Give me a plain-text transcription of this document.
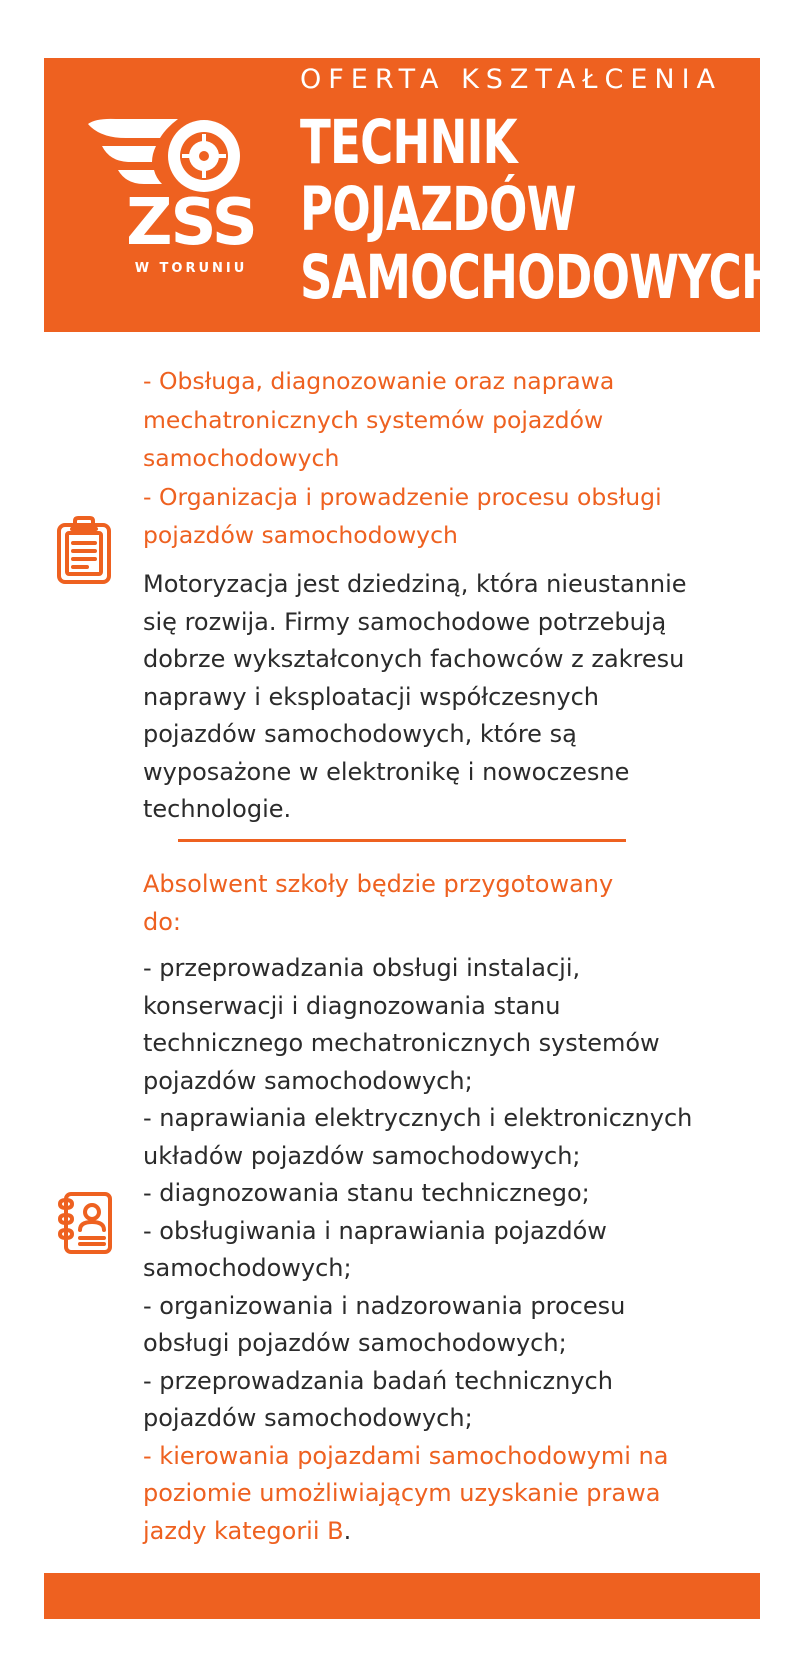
ZSS
W TORUNIU
OFERTA KSZTAŁCENIA
TECHNIK
POJAZDÓW
SAMOCHODOWYCH
- Obsługa, diagnozowanie oraz naprawa
mechatronicznych systemów pojazdów
samochodowych
- Organizacja i prowadzenie procesu obsługi
pojazdów samochodowych
Motoryzacja jest dziedziną, która nieustannie
się rozwija. Firmy samochodowe potrzebują
dobrze wykształconych fachowców z zakresu
naprawy i eksploatacji współczesnych
pojazdów samochodowych, które są
wyposażone w elektronikę i nowoczesne
technologie.
Absolwent szkoły będzie przygotowany
do:
- przeprowadzania obsługi instalacji,
konserwacji i diagnozowania stanu
technicznego mechatronicznych systemów
pojazdów samochodowych;
- naprawiania elektrycznych i elektronicznych
układów pojazdów samochodowych;
- diagnozowania stanu technicznego;
- obsługiwania i naprawiania pojazdów
samochodowych;
- organizowania i nadzorowania procesu
obsługi pojazdów samochodowych;
- przeprowadzania badań technicznych
pojazdów samochodowych;
- kierowania pojazdami samochodowymi na
poziomie umożliwiającym uzyskanie prawa
jazdy kategorii B.
